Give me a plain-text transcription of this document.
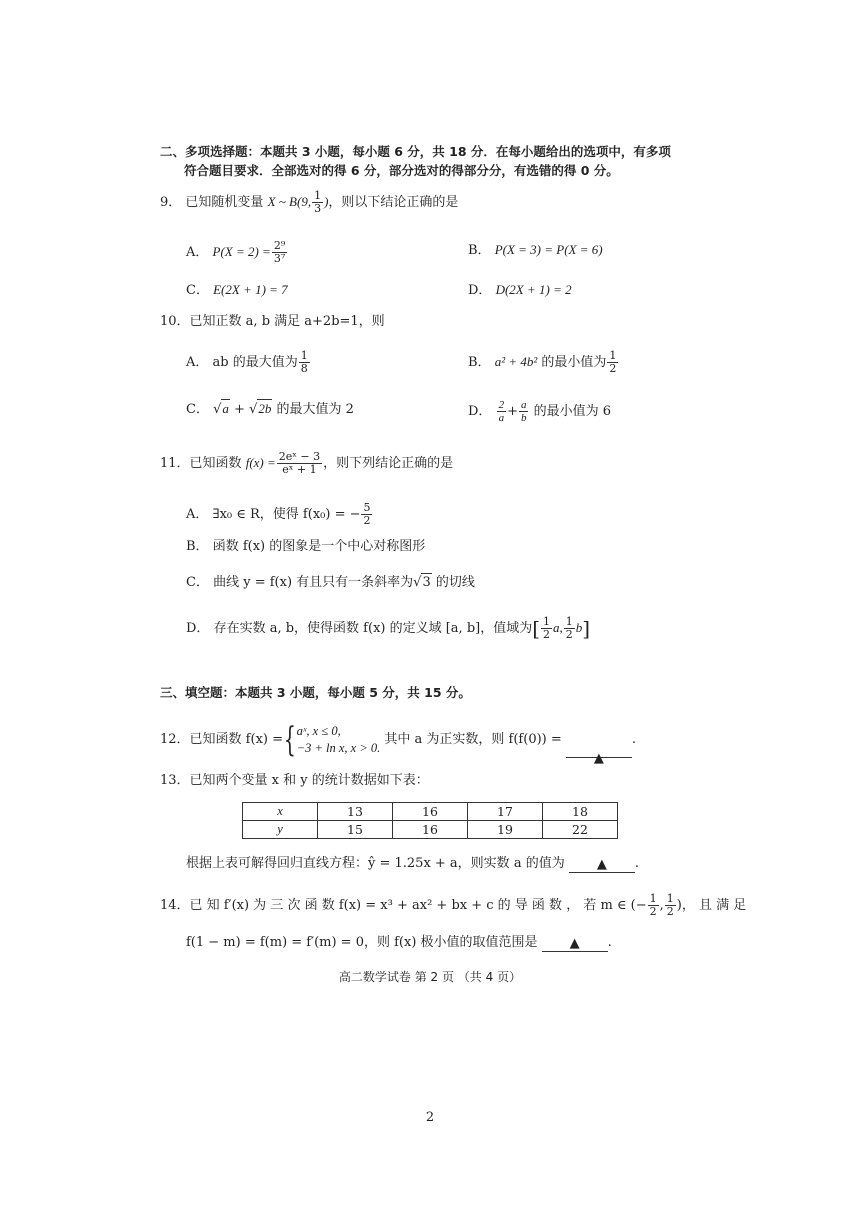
二、多项选择题：本题共 3 小题，每小题 6 分，共 18 分．在每小题给出的选项中，有多项
符合题目要求．全部选对的得 6 分，部分选对的得部分分，有选错的得 0 分。
9． 已知随机变量 X ~ B(9, $\frac{1}{3}$ )，则以下结论正确的是
A． $P(X = 2) = \frac{\text{2⁹}}{\text{3⁷}}$	B． P(X = 3) = P(X = 6)
C． E(2X + 1) = 7	D． D(2X + 1) = 2
10．已知正数 a, b 满足 a+2b=1，则
A． ab 的最大值为 $\frac{1}{8}$	B． a² + 4b² 的最小值为 $\frac{1}{2}$
C． √a + √2b 的最大值为 2	D． $\frac{2}{a} + \frac{a}{b}$ 的最小值为 6
11．已知函数 $f(x) = \frac{\text{2eˣ − 3}}{\text{eˣ + 1}}$ ，则下列结论正确的是
A． ∃x₀ ∈ R，使得 f(x₀) = − $\frac{5}{2}$
B． 函数 f(x) 的图象是一个中心对称图形
C． 曲线 y = f(x) 有且只有一条斜率为√3 的切线
D． 存在实数 a, b，使得函数 f(x) 的定义域 [a, b]，值域为[ $\frac{1}{2} a$, $\frac{1}{2} b$]
三、填空题：本题共 3 小题，每小题 5 分，共 15 分。
12．已知函数 f(x) ={ aˣ, x ≤ 0,
−3 + ln x, x > 0.
其中 a 为正实数，则 f(f(0)) = ▲.
13．已知两个变量 x 和 y 的统计数据如下表：
x	13	16	17	18
y	15	16	19	22
根据上表可解得回归直线方程：ŷ = 1.25x + a，则实数 a 的值为 ▲ .
14．已 知 f′(x) 为 三 次 函 数 f(x) = x³ + ax² + bx + c 的 导 函 数 ， 若 m ∈ (− $\frac{1}{2}$ , $\frac{1}{2}$ )， 且 满 足
f(1 − m) = f(m) = f′(m) = 0，则 f(x) 极小值的取值范围是 ▲ .
高二数学试卷 第 2 页 （共 4 页）
2
